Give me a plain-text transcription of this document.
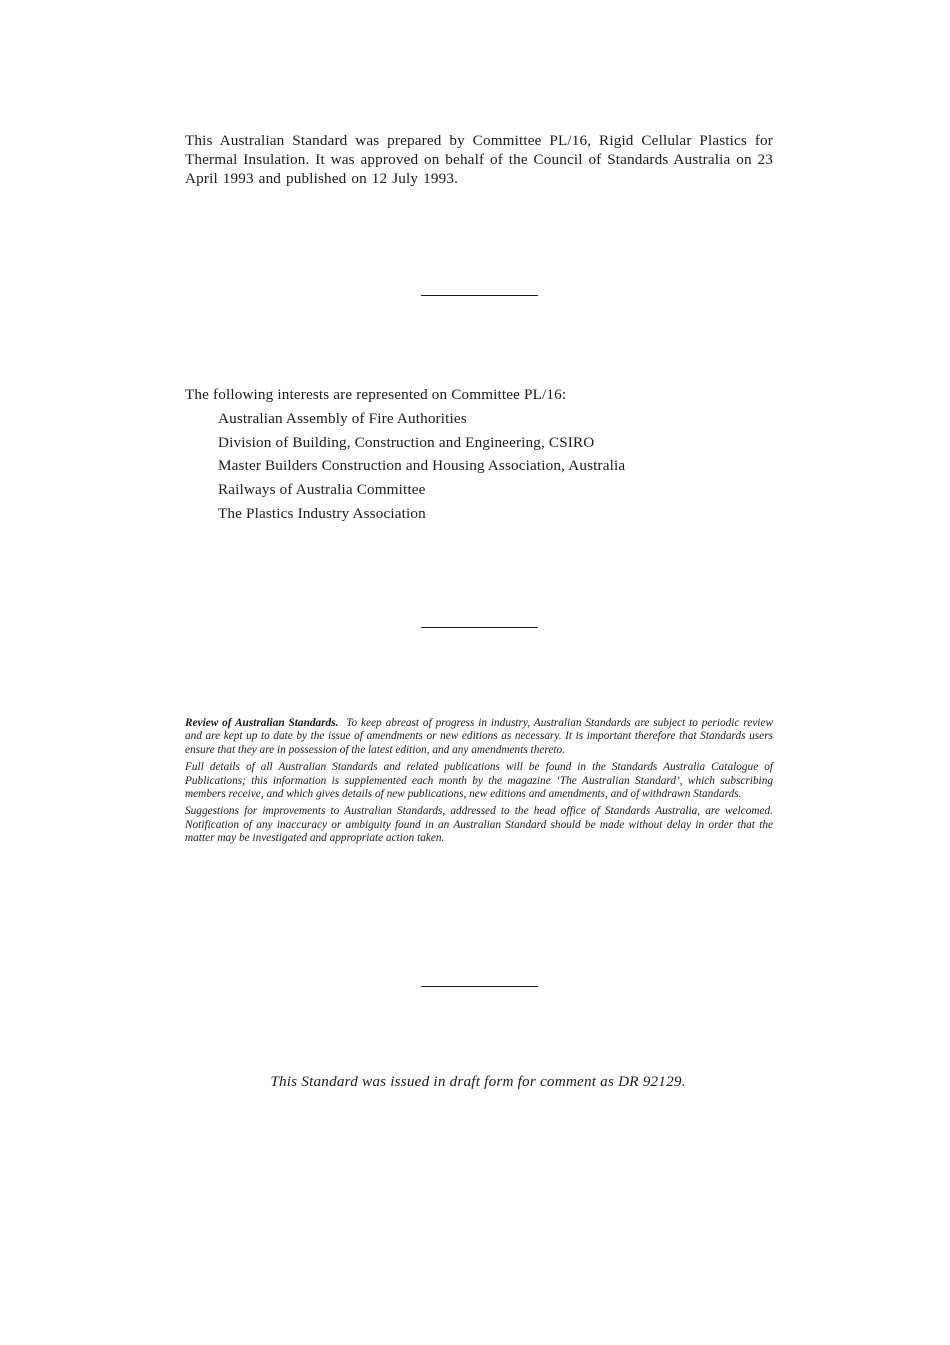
This Australian Standard was prepared by Committee PL/16, Rigid Cellular Plastics for Thermal Insulation. It was approved on behalf of the Council of Standards Australia on 23 April 1993 and published on 12 July 1993.

The following interests are represented on Committee PL/16:
Australian Assembly of Fire Authorities
Division of Building, Construction and Engineering, CSIRO
Master Builders Construction and Housing Association, Australia
Railways of Australia Committee
The Plastics Industry Association

Review of Australian Standards. To keep abreast of progress in industry, Australian Standards are subject to periodic review and are kept up to date by the issue of amendments or new editions as necessary. It is important therefore that Standards users ensure that they are in possession of the latest edition, and any amendments thereto.

Full details of all Australian Standards and related publications will be found in the Standards Australia Catalogue of Publications; this information is supplemented each month by the magazine ‘The Australian Standard’, which subscribing members receive, and which gives details of new publications, new editions and amendments, and of withdrawn Standards.

Suggestions for improvements to Australian Standards, addressed to the head office of Standards Australia, are welcomed. Notification of any inaccuracy or ambiguity found in an Australian Standard should be made without delay in order that the matter may be investigated and appropriate action taken.

This Standard was issued in draft form for comment as DR 92129.
